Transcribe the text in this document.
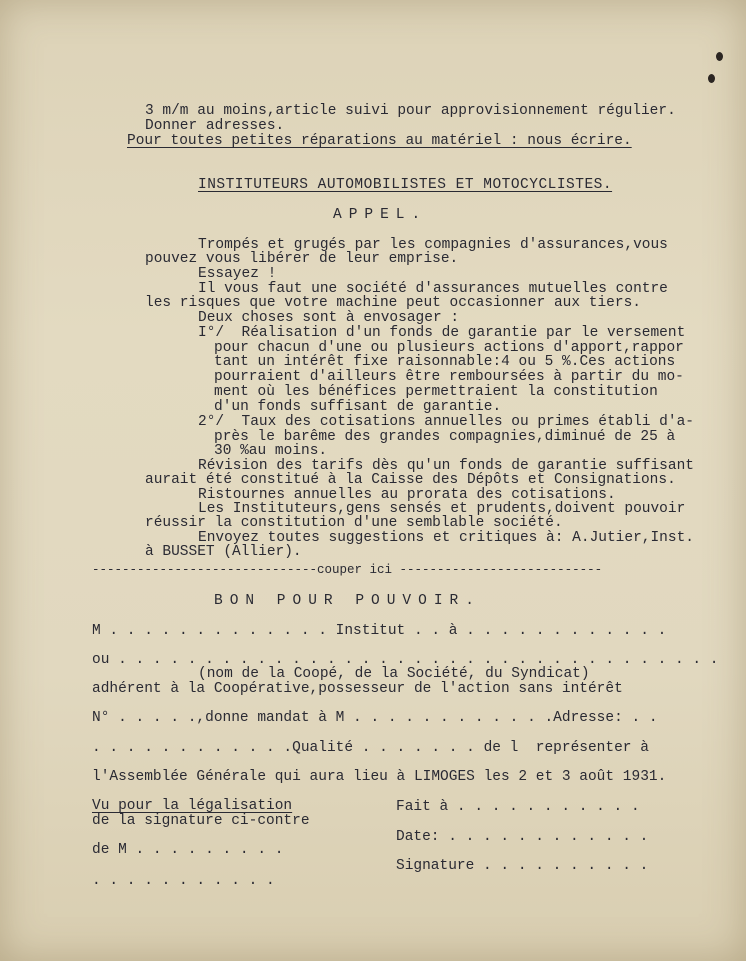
3 m/m au moins,article suivi pour approvisionnement régulier.
Donner adresses.
Pour toutes petites réparations au matériel : nous écrire.
INSTITUTEURS AUTOMOBILISTES ET MOTOCYCLISTES.
APPEL.
Trompés et grugés par les compagnies d'assurances,vous
pouvez vous libérer de leur emprise.
Essayez !
Il vous faut une société d'assurances mutuelles contre
les risques que votre machine peut occasionner aux tiers.
Deux choses sont à envosager :
I°/  Réalisation d'un fonds de garantie par le versement
pour chacun d'une ou plusieurs actions d'apport,rappor
tant un intérêt fixe raisonnable:4 ou 5 %.Ces actions
pourraient d'ailleurs être remboursées à partir du mo-
ment où les bénéfices permettraient la constitution
d'un fonds suffisant de garantie.
2°/  Taux des cotisations annuelles ou primes établi d'a-
près le barême des grandes compagnies,diminué de 25 à
30 %au moins.
Révision des tarifs dès qu'un fonds de garantie suffisant
aurait été constitué à la Caisse des Dépôts et Consignations.
Ristournes annuelles au prorata des cotisations.
Les Instituteurs,gens sensés et prudents,doivent pouvoir
réussir la constitution d'une semblable société.
Envoyez toutes suggestions et critiques à: A.Jutier,Inst.
à BUSSET (Allier).
------------------------------couper ici ---------------------------
BON POUR POUVOIR.
M . . . . . . . . . . . . . Institut . . à . . . . . . . . . . . .
ou . . . . . . . . . . . . . . . . . . . . . . . . . . . . . . . . . . .
(nom de la Coopé, de la Société, du Syndicat)
adhérent à la Coopérative,possesseur de l'action sans intérêt
N° . . . . .,donne mandat à M . . . . . . . . . . . .Adresse: . .
. . . . . . . . . . . .Qualité . . . . . . . de l  représenter à
l'Assemblée Générale qui aura lieu à LIMOGES les 2 et 3 août 1931.
Vu pour la légalisation
de la signature ci-contre
de M . . . . . . . . .
. . . . . . . . . . .
Fait à . . . . . . . . . . .
Date: . . . . . . . . . . . .
Signature . . . . . . . . . .
